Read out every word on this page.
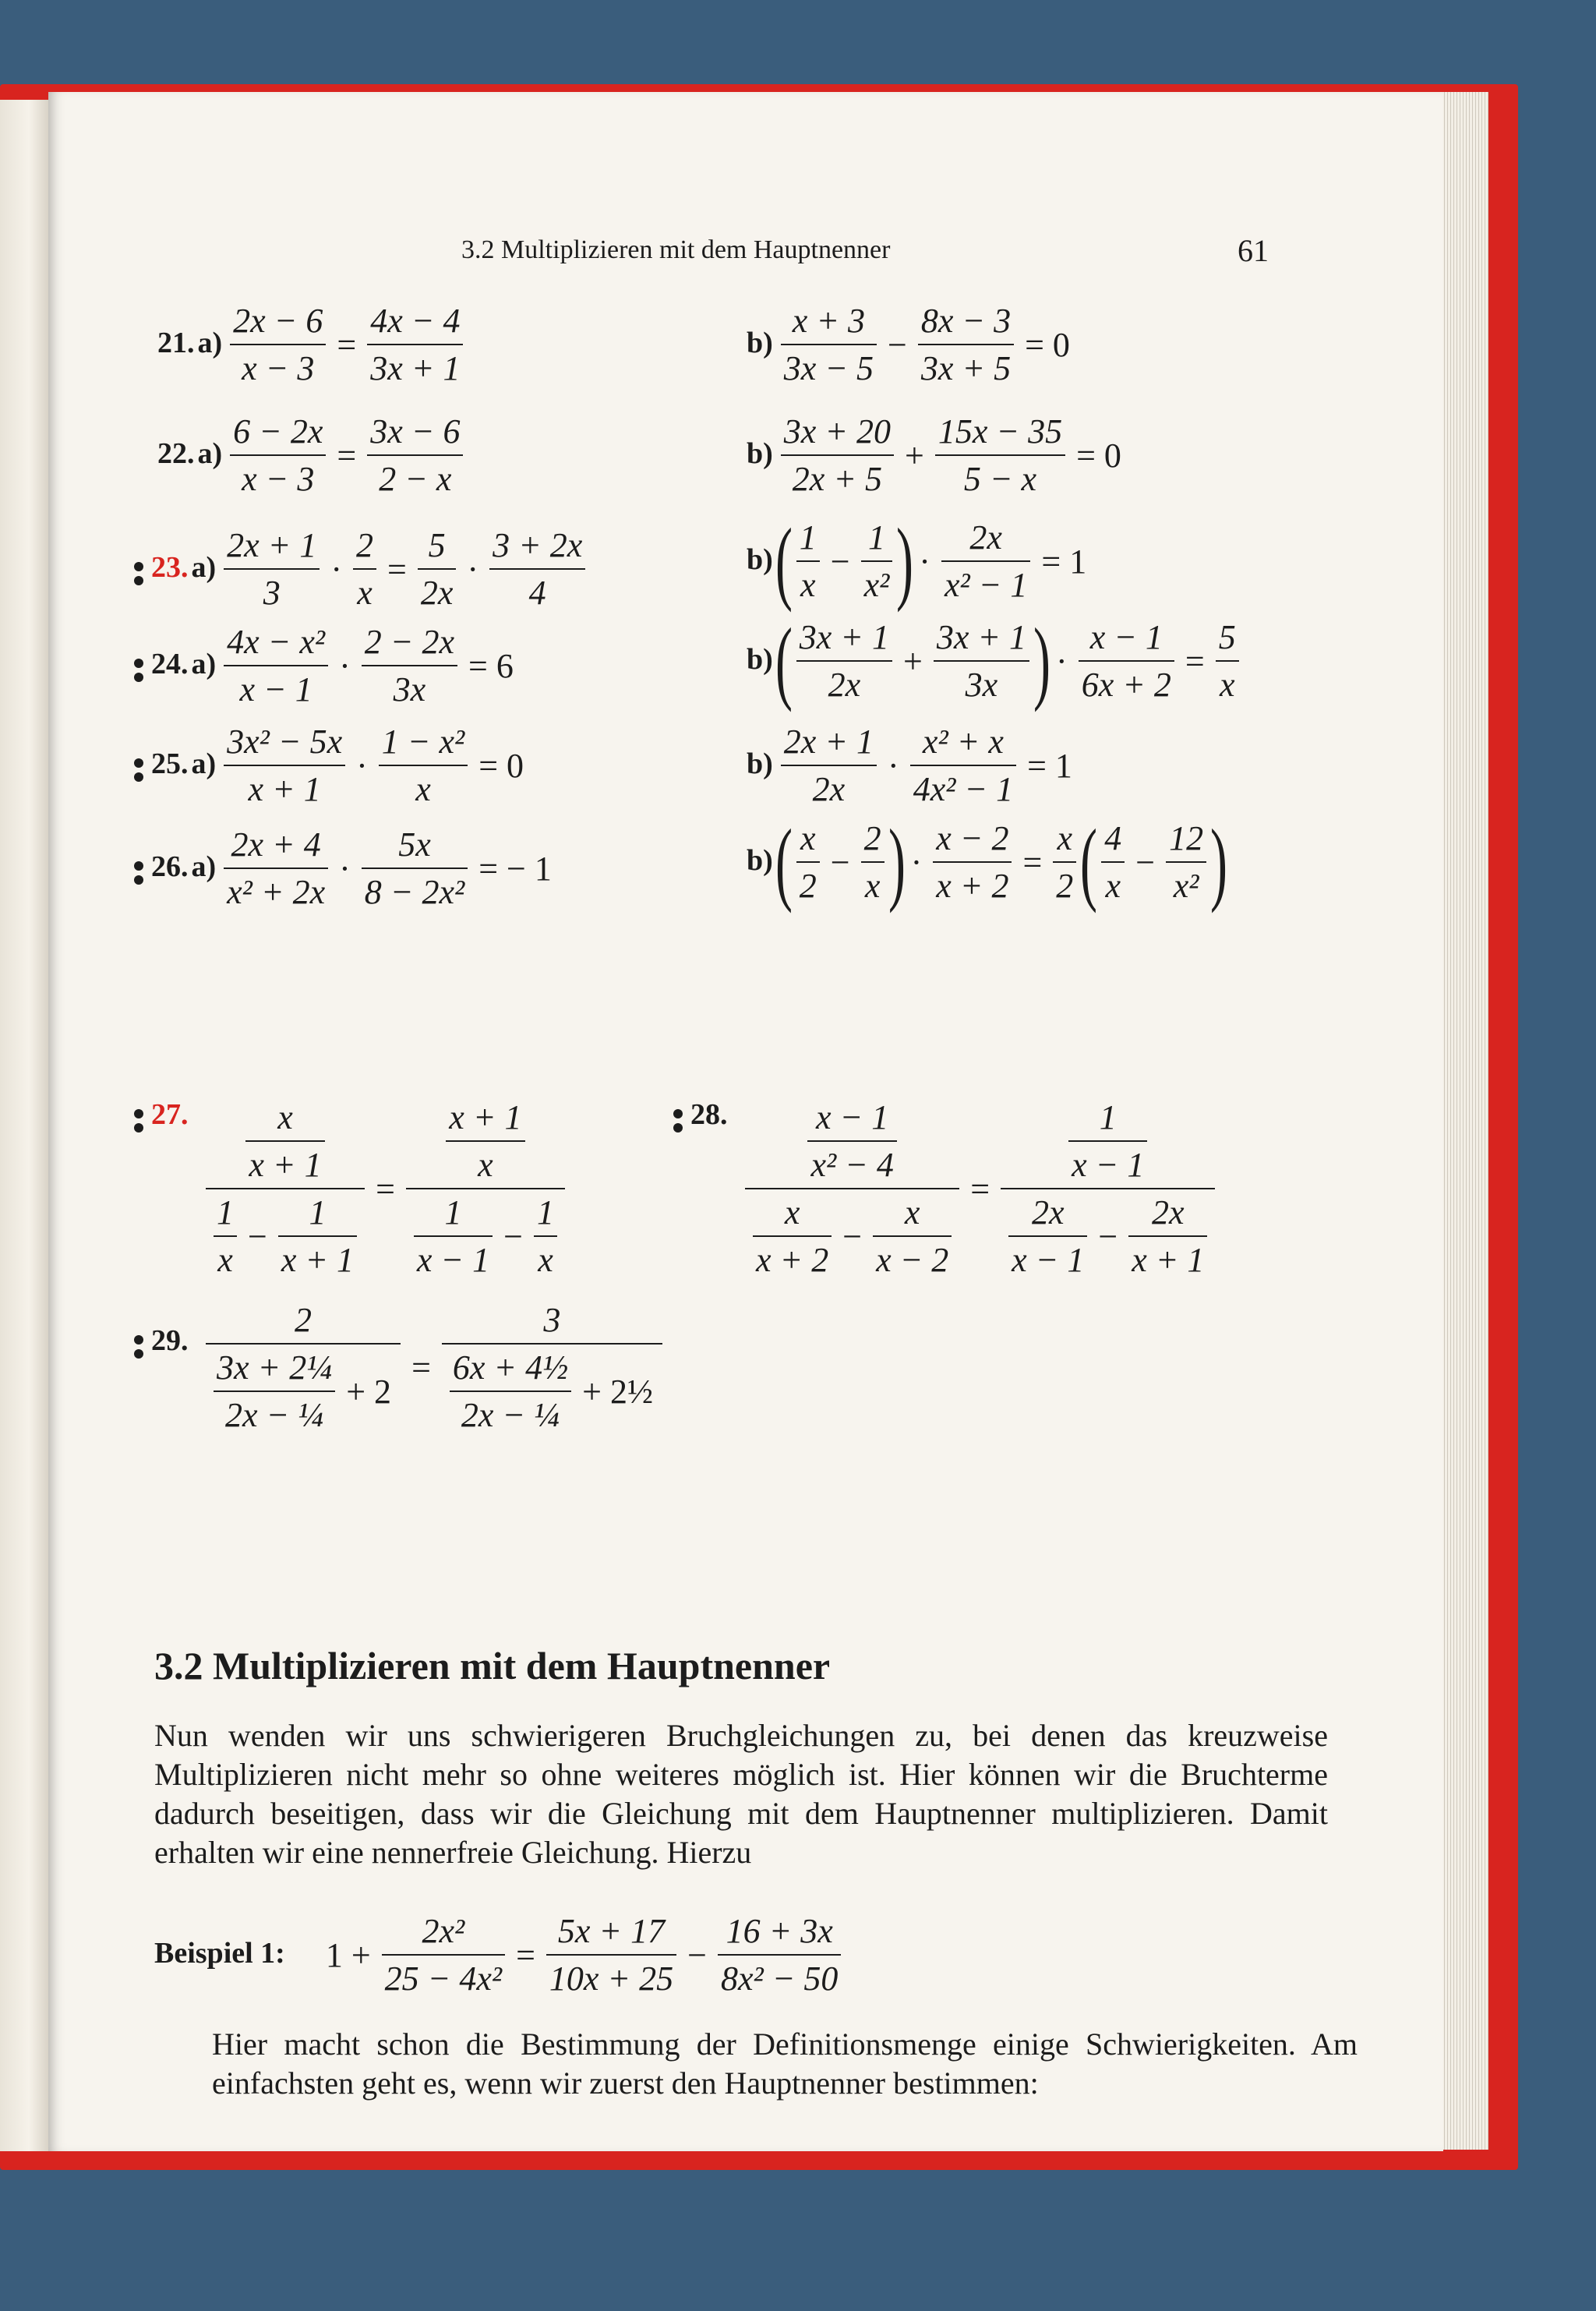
3.2 Multiplizieren mit dem Hauptnenner	61
21. $a) \frac{2x - 6}{x - 3} = \frac{4x - 4}{3x + 1}$	$b) \frac{x + 3}{3x - 5} - \frac{8x - 3}{3x + 5} = 0$
22. $a) \frac{6 - 2x}{x - 3} = \frac{3x - 6}{2 - x}$	$b) \frac{3x + 20}{2x + 5} + \frac{15x - 35}{5 - x} = 0$
23. $a) \frac{2x + 1}{3} \cdot \frac{2}{x} = \frac{5}{2x} \cdot \frac{3 + 2x}{4}$	b) ( $\frac{1}{x} - \frac{1}{\text{x²}}$ ) · $\frac{2x}{\text{x² − 1}} = 1$
24. $a) \frac{\text{4x − x²}}{x - 1} \cdot \frac{2 - 2x}{3x} = 6$	b) ( $\frac{3x + 1}{2x} + \frac{3x + 1}{3x}$ ) · $\frac{x - 1}{6x + 2} = \frac{5}{x}$
25. $a) \frac{\text{3x² − 5x}}{x + 1} \cdot \frac{\text{1 − x²}}{x} = 0$	$b) \frac{2x + 1}{2x} \cdot \frac{\text{x² + x}}{\text{4x² − 1}} = 1$
26. $a) \frac{2x + 4}{\text{x² + 2x}} \cdot \frac{5x}{\text{8 − 2x²}}$ = − 1	b) ( $\frac{x}{2} - \frac{2}{x}$ ) · $\frac{x - 2}{x + 2} = \frac{x}{2}$ ( $\frac{4}{x} - \frac{12}{\text{x²}}$ )
27. $\frac{\frac{x}{x + 1}}{\frac{1}{x} - \frac{1}{x + 1}} = \frac{\frac{x + 1}{x}}{\frac{1}{x - 1} - \frac{1}{x}}$	28. $\frac{\frac{x - 1}{\text{x² − 4}}}{\frac{x}{x + 2} - \frac{x}{x - 2}} = \frac{\frac{1}{x - 1}}{\frac{2x}{x - 1} - \frac{2x}{x + 1}}$
29. $\frac{2}{\frac{\text{3x + 2¼}}{\text{2x − ¼}} + 2} = \frac{3}{\frac{\text{6x + 4½}}{\text{2x − ¼}} + 2\frac{1}{2}}$
3.2 Multiplizieren mit dem Hauptnenner
Nun wenden wir uns schwierigeren Bruchgleichungen zu, bei denen das kreuzweise Multiplizieren nicht mehr so ohne weiteres möglich ist. Hier können wir die Bruchterme dadurch beseitigen, dass wir die Gleichung mit dem Hauptnenner multiplizieren. Damit erhalten wir eine nennerfreie Gleichung. Hierzu
Beispiel 1: $1 + \frac{\text{2x²}}{\text{25 − 4x²}} = \frac{5x + 17}{10x + 25} - \frac{16 + 3x}{\text{8x² − 50}}$
Hier macht schon die Bestimmung der Definitionsmenge einige Schwierigkeiten. Am einfachsten geht es, wenn wir zuerst den Hauptnenner bestimmen:
